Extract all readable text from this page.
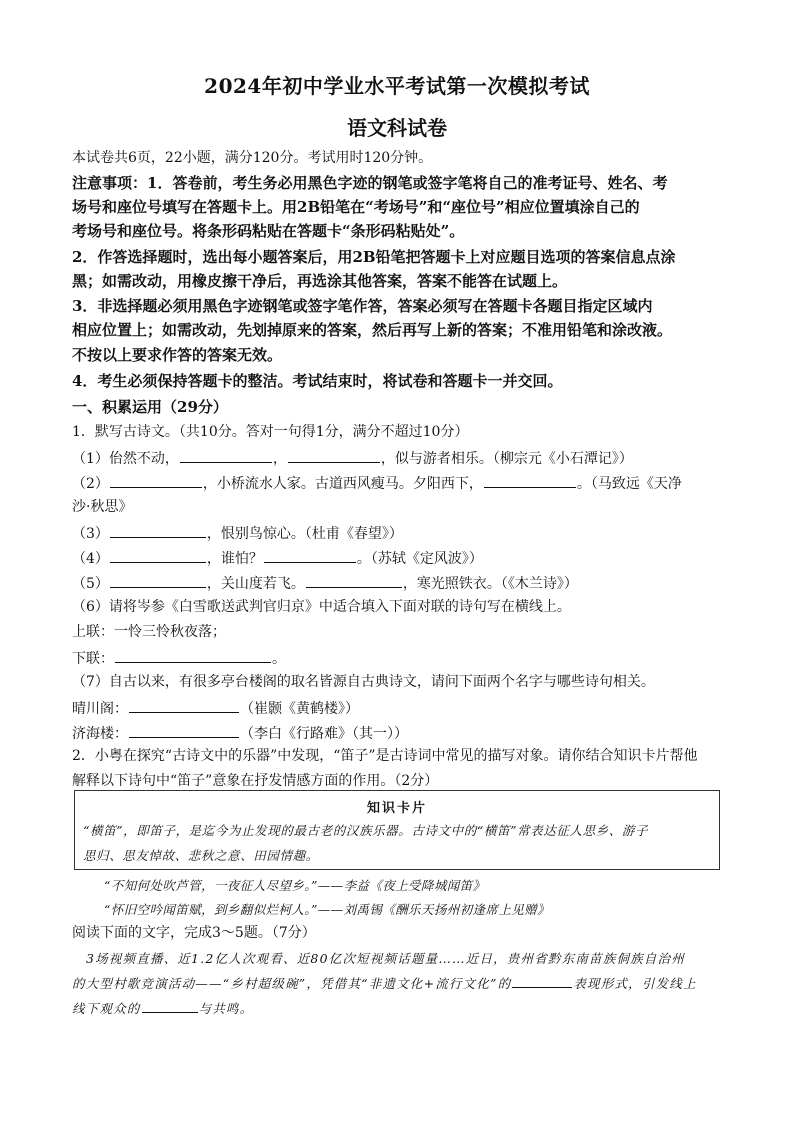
2024年初中学业水平考试第一次模拟考试
语文科试卷
本试卷共6页，22小题，满分120分。考试用时120分钟。
注意事项：1．答卷前，考生务必用黑色字迹的钢笔或签字笔将自己的准考证号、姓名、考
场号和座位号填写在答题卡上。用2B铅笔在“考场号”和“座位号”相应位置填涂自己的
考场号和座位号。将条形码粘贴在答题卡“条形码粘贴处”。
2．作答选择题时，选出每小题答案后，用2B铅笔把答题卡上对应题目选项的答案信息点涂
黑；如需改动，用橡皮擦干净后，再选涂其他答案，答案不能答在试题上。
3．非选择题必须用黑色字迹钢笔或签字笔作答，答案必须写在答题卡各题目指定区域内
相应位置上；如需改动，先划掉原来的答案，然后再写上新的答案；不准用铅笔和涂改液。
不按以上要求作答的答案无效。
4．考生必须保持答题卡的整洁。考试结束时，将试卷和答题卡一并交回。
一、积累运用（29分）
1．默写古诗文。（共10分。答对一句得1分，满分不超过10分）
（1）佁然不动，	，	，似与游者相乐。（柳宗元《小石潭记》）
（2）	，小桥流水人家。古道西风瘦马。夕阳西下，	。（马致远《天净
沙·秋思》
（3）	，恨别鸟惊心。（杜甫《春望》）
（4）	，谁怕？	。（苏轼《定风波》）
（5）	，关山度若飞。	，寒光照铁衣。（《木兰诗》）
（6）请将岑参《白雪歌送武判官归京》中适合填入下面对联的诗句写在横线上。
上联：一怜三怜秋夜落；
下联：	。
（7）自古以来，有很多亭台楼阁的取名皆源自古典诗文，请问下面两个名字与哪些诗句相关。
晴川阁：	（崔颢《黄鹤楼》）
济海楼：	（李白《行路难》（其一））
2．小粤在探究“古诗文中的乐器”中发现，“笛子”是古诗词中常见的描写对象。请你结合知识卡片帮他
解释以下诗句中“笛子”意象在抒发情感方面的作用。（2分）
知识卡片
“横笛”，即笛子，是迄今为止发现的最古老的汉族乐器。古诗文中的“横笛”常表达征人思乡、游子
思归、思友悼故、悲秋之意、田园情趣。
“不知何处吹芦管，一夜征人尽望乡。”——李益《夜上受降城闻笛》
“怀旧空吟闻笛赋，到乡翻似烂柯人。”——刘禹锡《酬乐天扬州初逢席上见赠》
阅读下面的文字，完成3～5题。（7分）
3场视频直播、近1.2亿人次观看、近80亿次短视频话题量……近日，贵州省黔东南苗族侗族自治州
的大型村歌竞演活动——“乡村超级碗”，凭借其“非遗文化+流行文化”的	表现形式，引发线上
线下观众的	与共鸣。
